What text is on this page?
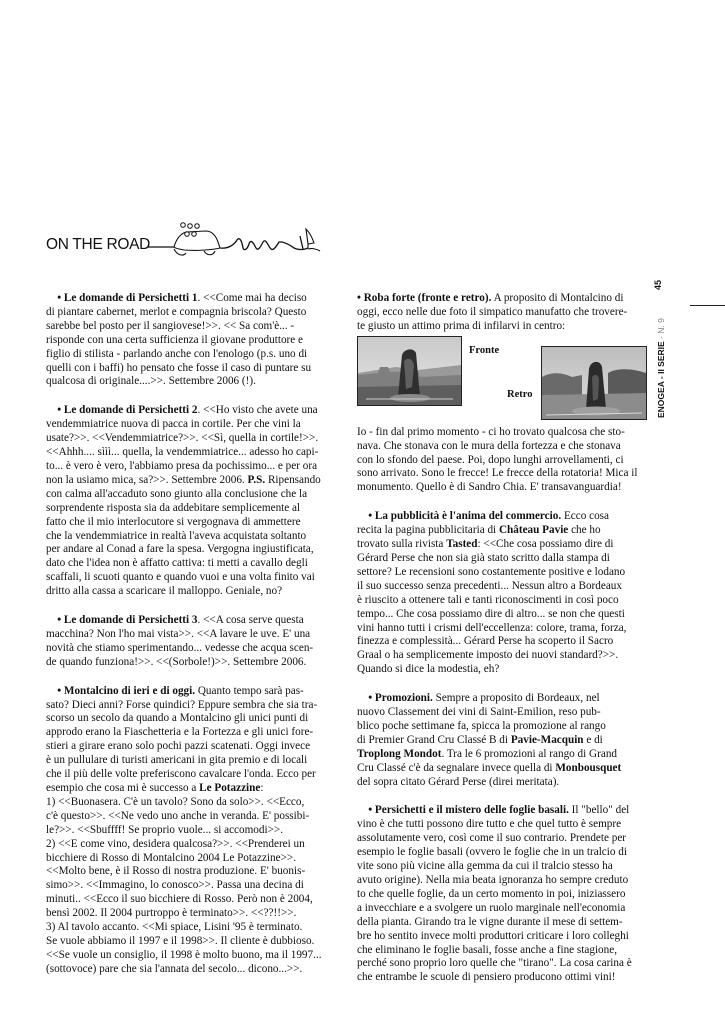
ON THE ROAD
45
ENOGEA - II SERIE - N. 9

• Le domande di Persichetti 1. <<Come mai ha deciso
di piantare cabernet, merlot e compagnia briscola? Questo
sarebbe bel posto per il sangiovese!>>. << Sa com'è... -
risponde con una certa sufficienza il giovane produttore e
figlio di stilista - parlando anche con l'enologo (p.s. uno di
quelli con i baffi) ho pensato che fosse il caso di puntare su
qualcosa di originale....>>. Settembre 2006 (!).

• Le domande di Persichetti 2. <<Ho visto che avete una
vendemmiatrice nuova di pacca in cortile. Per che vini la
usate?>>. <<Vendemmiatrice?>>. <<Sì, quella in cortile!>>.
<<Ahhh.... sììì... quella, la vendemmiatrice... adesso ho capi-
to... è vero è vero, l'abbiamo presa da pochissimo... e per ora
non la usiamo mica, sa?>>. Settembre 2006. P.S. Ripensando
con calma all'accaduto sono giunto alla conclusione che la
sorprendente risposta sia da addebitare semplicemente al
fatto che il mio interlocutore si vergognava di ammettere
che la vendemmiatrice in realtà l'aveva acquistata soltanto
per andare al Conad a fare la spesa. Vergogna ingiustificata,
dato che l'idea non è affatto cattiva: ti metti a cavallo degli
scaffali, li scuoti quanto e quando vuoi e una volta finito vai
dritto alla cassa a scaricare il malloppo. Geniale, no?

• Le domande di Persichetti 3. <<A cosa serve questa
macchina? Non l'ho mai vista>>. <<A lavare le uve. E' una
novità che stiamo sperimentando... vedesse che acqua scen-
de quando funziona!>>. <<(Sorbole!)>>. Settembre 2006.

• Montalcino di ieri e di oggi. Quanto tempo sarà pas-
sato? Dieci anni? Forse quindici? Eppure sembra che sia tra-
scorso un secolo da quando a Montalcino gli unici punti di
approdo erano la Fiaschetteria e la Fortezza e gli unici fore-
stieri a girare erano solo pochi pazzi scatenati. Oggi invece
è un pullulare di turisti americani in gita premio e di locali
che il più delle volte preferiscono cavalcare l'onda. Ecco per
esempio che cosa mi è successo a Le Potazzine:
1) <<Buonasera. C'è un tavolo? Sono da solo>>. <<Ecco,
c'è questo>>. <<Ne vedo uno anche in veranda. E' possibi-
le?>>. <<Sbuffff! Se proprio vuole... si accomodi>>.
2) <<E come vino, desidera qualcosa?>>. <<Prenderei un
bicchiere di Rosso di Montalcino 2004 Le Potazzine>>.
<<Molto bene, è il Rosso di nostra produzione. E' buonis-
simo>>. <<Immagino, lo conosco>>. Passa una decina di
minuti.. <<Ecco il suo bicchiere di Rosso. Però non è 2004,
bensì 2002. Il 2004 purtroppo è terminato>>. <<??!!>>.
3) Al tavolo accanto. <<Mi spiace, Lisini '95 è terminato.
Se vuole abbiamo il 1997 e il 1998>>. Il cliente è dubbioso.
<<Se vuole un consiglio, il 1998 è molto buono, ma il 1997...
(sottovoce) pare che sia l'annata del secolo... dicono...>>.

• Roba forte (fronte e retro). A proposito di Montalcino di
oggi, ecco nelle due foto il simpatico manufatto che trovere-
te giusto un attimo prima di infilarvi in centro:

Fronte
Retro

Io - fin dal primo momento - ci ho trovato qualcosa che sto-
nava. Che stonava con le mura della fortezza e che stonava
con lo sfondo del paese. Poi, dopo lunghi arrovellamenti, ci
sono arrivato. Sono le frecce! Le frecce della rotatoria! Mica il
monumento. Quello è di Sandro Chia. E' transavanguardia!

• La pubblicità è l'anima del commercio. Ecco cosa
recita la pagina pubblicitaria di Château Pavie che ho
trovato sulla rivista Tasted: <<Che cosa possiamo dire di
Gérard Perse che non sia già stato scritto dalla stampa di
settore? Le recensioni sono costantemente positive e lodano
il suo successo senza precedenti... Nessun altro a Bordeaux
è riuscito a ottenere tali e tanti riconoscimenti in così poco
tempo... Che cosa possiamo dire di altro... se non che questi
vini hanno tutti i crismi dell'eccellenza: colore, trama, forza,
finezza e complessità... Gérard Perse ha scoperto il Sacro
Graal o ha semplicemente imposto dei nuovi standard?>>.
Quando si dice la modestia, eh?

• Promozioni. Sempre a proposito di Bordeaux, nel
nuovo Classement dei vini di Saint-Emilion, reso pub-
blico poche settimane fa, spicca la promozione al rango
di Premier Grand Cru Classé B di Pavie-Macquin e di
Troplong Mondot. Tra le 6 promozioni al rango di Grand
Cru Classé c'è da segnalare invece quella di Monbousquet
del sopra citato Gérard Perse (direi meritata).

• Persichetti e il mistero delle foglie basali. Il "bello" del
vino è che tutti possono dire tutto e che quel tutto è sempre
assolutamente vero, così come il suo contrario. Prendete per
esempio le foglie basali (ovvero le foglie che in un tralcio di
vite sono più vicine alla gemma da cui il tralcio stesso ha
avuto origine). Nella mia beata ignoranza ho sempre creduto
to che quelle foglie, da un certo momento in poi, iniziassero
a invecchiare e a svolgere un ruolo marginale nell'economia
della pianta. Girando tra le vigne durante il mese di settem-
bre ho sentito invece molti produttori criticare i loro colleghi
che eliminano le foglie basali, fosse anche a fine stagione,
perché sono proprio loro quelle che "tirano". La cosa carina è
che entrambe le scuole di pensiero producono ottimi vini!
